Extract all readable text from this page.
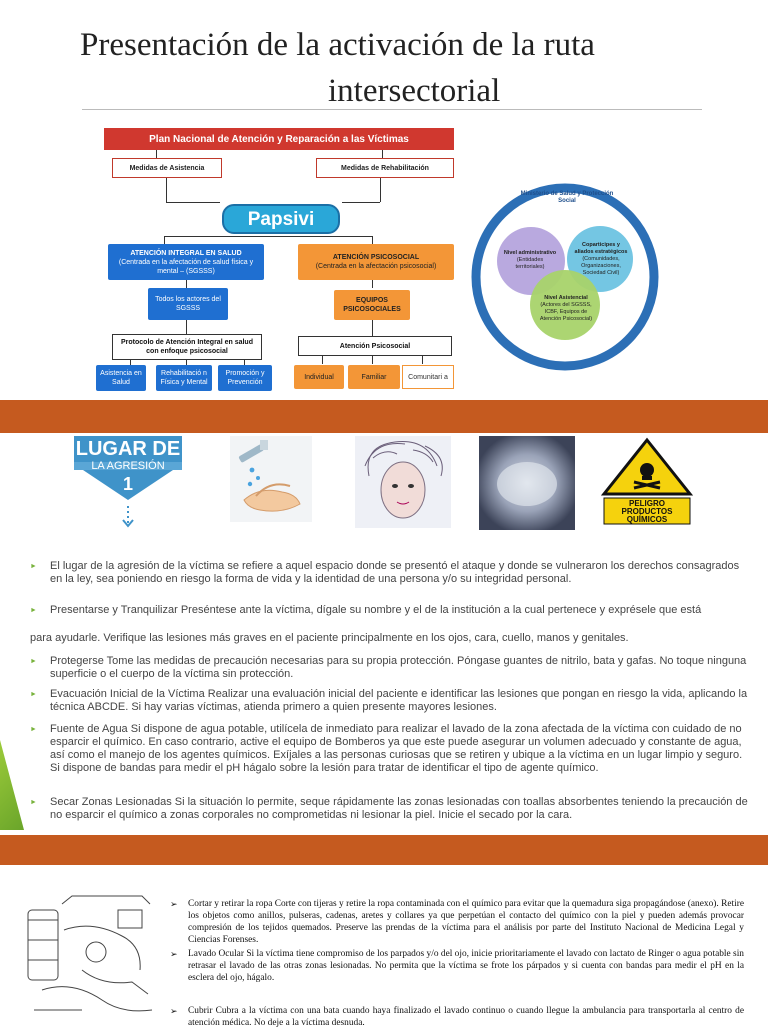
Presentación de la activación de la ruta
intersectorial
Plan Nacional de Atención y Reparación a las Víctimas
Medidas de Asistencia	Medidas de Rehabilitación
Papsivi
ATENCIÓN INTEGRAL EN SALUD
(Centrada en la afectación de salud física y mental – (SGSSS)
ATENCIÓN PSICOSOCIAL
(Centrada en la afectación psicosocial)
Todos los actores del SGSSS
EQUIPOS PSICOSOCIALES
Protocolo de Atención Integral en salud con enfoque psicosocial
Atención Psicosocial
Asistencia en Salud
Rehabilitació n Física y Mental
Promoción y Prevención
Individual	Familiar	Comunitari a
Ministerio de Salud y Protección Social
Nivel administrativo
(Entidades territoriales)
Coparticipes y aliados estratégicos
(Comunidades, Organizaciones, Sociedad Civil)
Nivel Asistencial
(Actores del SGSSS, ICBF, Equipos de Atención Psicosocial)
LUGAR DE
LA AGRESIÓN
1
PELIGRO PRODUCTOS QUÍMICOS
► El lugar de la agresión de la víctima se refiere a aquel espacio donde se presentó el ataque y donde se vulneraron los derechos consagrados en la ley, sea poniendo en riesgo la forma de vida y la identidad de una persona y/o su integridad personal.
► Presentarse y Tranquilizar Preséntese ante la víctima, dígale su nombre y el de la institución a la cual pertenece y exprésele que está
para ayudarle. Verifique las lesiones más graves en el paciente principalmente en los ojos, cara, cuello, manos y genitales.
► Protegerse Tome las medidas de precaución necesarias para su propia protección. Póngase guantes de nitrilo, bata y gafas. No toque ninguna superficie o el cuerpo de la víctima sin protección.
► Evacuación Inicial de la Víctima Realizar una evaluación inicial del paciente e identificar las lesiones que pongan en riesgo la vida, aplicando la técnica ABCDE. Si hay varias víctimas, atienda primero a quien presente mayores lesiones.
► Fuente de Agua Si dispone de agua potable, utilícela de inmediato para realizar el lavado de la zona afectada de la víctima con cuidado de no esparcir el químico. En caso contrario, active el equipo de Bomberos ya que este puede asegurar un volumen adecuado y constante de agua, así como el manejo de los agentes químicos. Exíjales a las personas curiosas que se retiren y ubique a la víctima en un lugar limpio y seguro. Si dispone de bandas para medir el pH hágalo sobre la lesión para tratar de identificar el tipo de agente químico.
► Secar Zonas Lesionadas Si la situación lo permite, seque rápidamente las zonas lesionadas con toallas absorbentes teniendo la precaución de no esparcir el químico a zonas corporales no comprometidas ni lesionar la piel. Inicie el secado por la cara.
➢ Cortar y retirar la ropa Corte con tijeras y retire la ropa contaminada con el químico para evitar que la quemadura siga propagándose (anexo). Retire los objetos como anillos, pulseras, cadenas, aretes y collares ya que perpetúan el contacto del químico con la piel y pueden además provocar compresión de los tejidos quemados. Preserve las prendas de la víctima para el análisis por parte del Instituto Nacional de Medicina Legal y Ciencias Forenses.
➢ Lavado Ocular Si la víctima tiene compromiso de los parpados y/o del ojo, inicie prioritariamente el lavado con lactato de Ringer o agua potable sin retrasar el lavado de las otras zonas lesionadas. No permita que la víctima se frote los párpados y si cuenta con bandas para medir el pH en la esclera del ojo, hágalo.
➢ Cubrir Cubra a la víctima con una bata cuando haya finalizado el lavado continuo o cuando llegue la ambulancia para transportarla al centro de atención médica. No deje a la víctima desnuda.
